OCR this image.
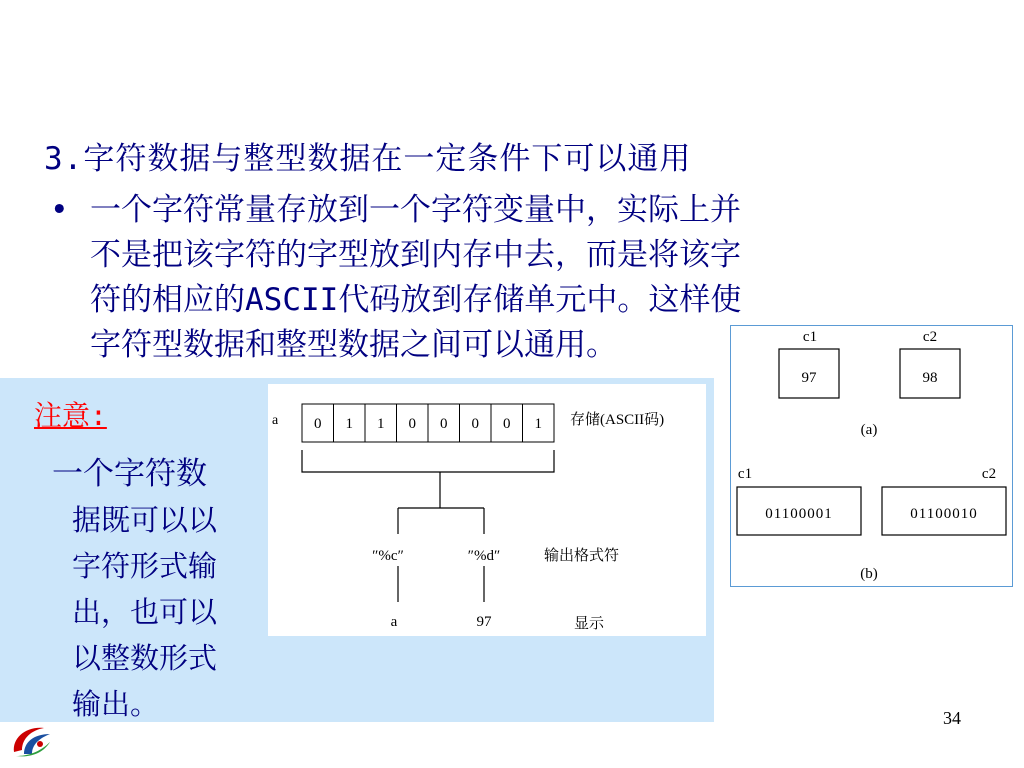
3.字符数据与整型数据在一定条件下可以通用
• 一个字符常量存放到一个字符变量中，实际上并
不是把该字符的字型放到内存中去，而是将该字
符的相应的ASCII代码放到存储单元中。这样使
字符型数据和整型数据之间可以通用。
注意:
一个字符数
据既可以以
字符形式输
出，也可以
以整数形式
输出。
a 0 1 1 0 0 0 0 1 存储(ASCII码)
″%c″	″%d″	输出格式符
a	97	显示
c1	c2
97	98
(a)
c1	c2
01100001	01100010
(b)
34
